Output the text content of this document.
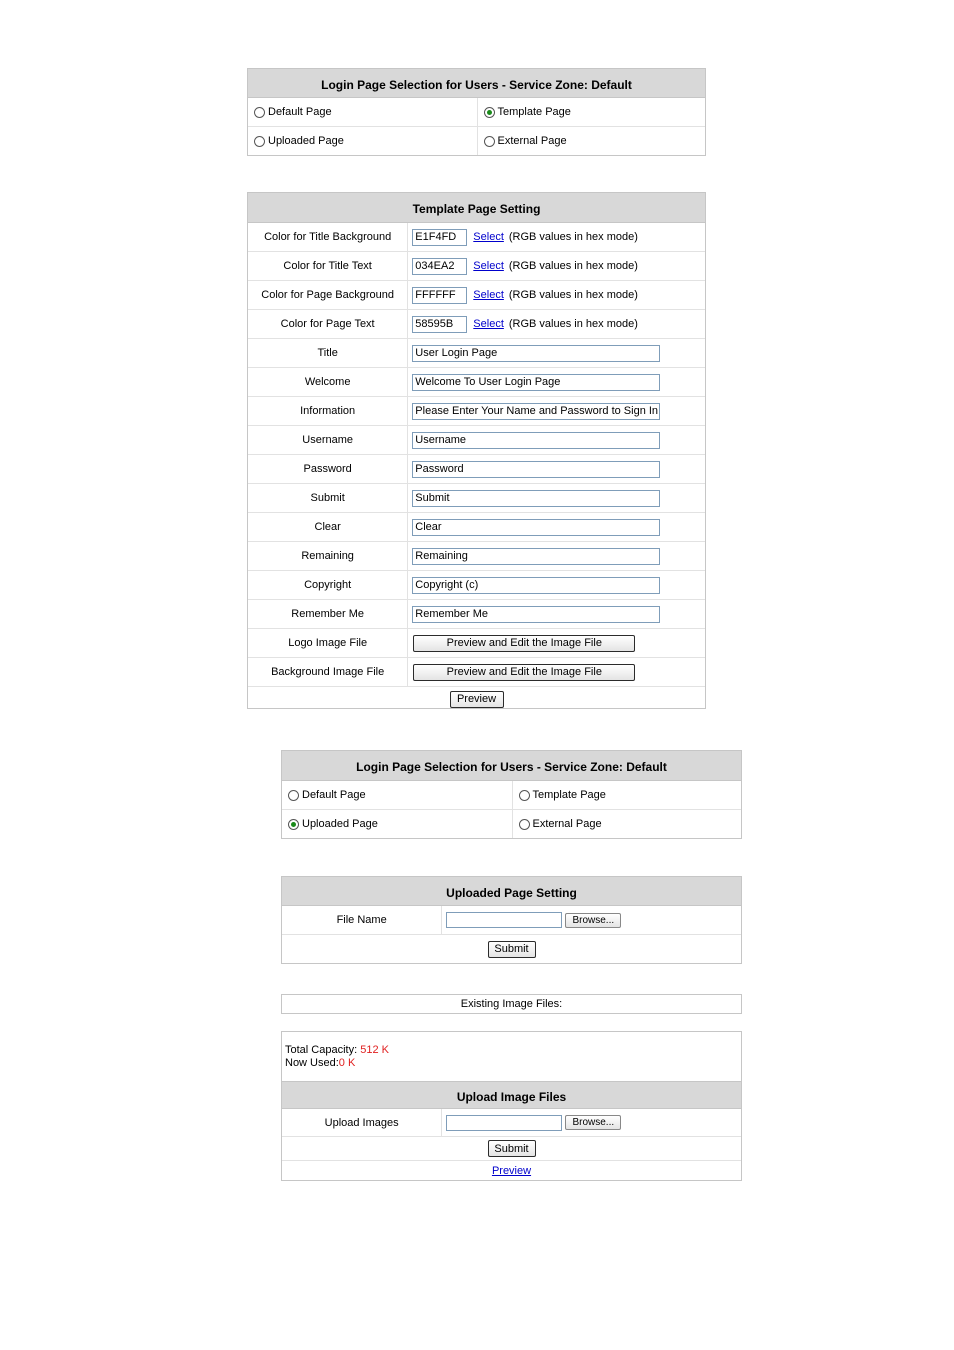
Login Page Selection for Users - Service Zone: Default
Default Page	Template Page
Uploaded Page	External Page
Template Page Setting
Color for Title Background	E1F4FD	Select (RGB values in hex mode)
Color for Title Text	034EA2	Select (RGB values in hex mode)
Color for Page Background	FFFFFF	Select (RGB values in hex mode)
Color for Page Text	58595B	Select (RGB values in hex mode)
Title	User Login Page
Welcome	Welcome To User Login Page
Information	Please Enter Your Name and Password to Sign In
Username	Username
Password	Password
Submit	Submit
Clear	Clear
Remaining	Remaining
Copyright	Copyright (c)
Remember Me	Remember Me
Logo Image File	Preview and Edit the Image File
Background Image File	Preview and Edit the Image File
Preview
Login Page Selection for Users - Service Zone: Default
Default Page	Template Page
Uploaded Page	External Page
Uploaded Page Setting
File Name	Browse...
Submit
Existing Image Files:
Total Capacity: 512 K
Now Used:0 K
Upload Image Files
Upload Images	Browse...
Submit
Preview
